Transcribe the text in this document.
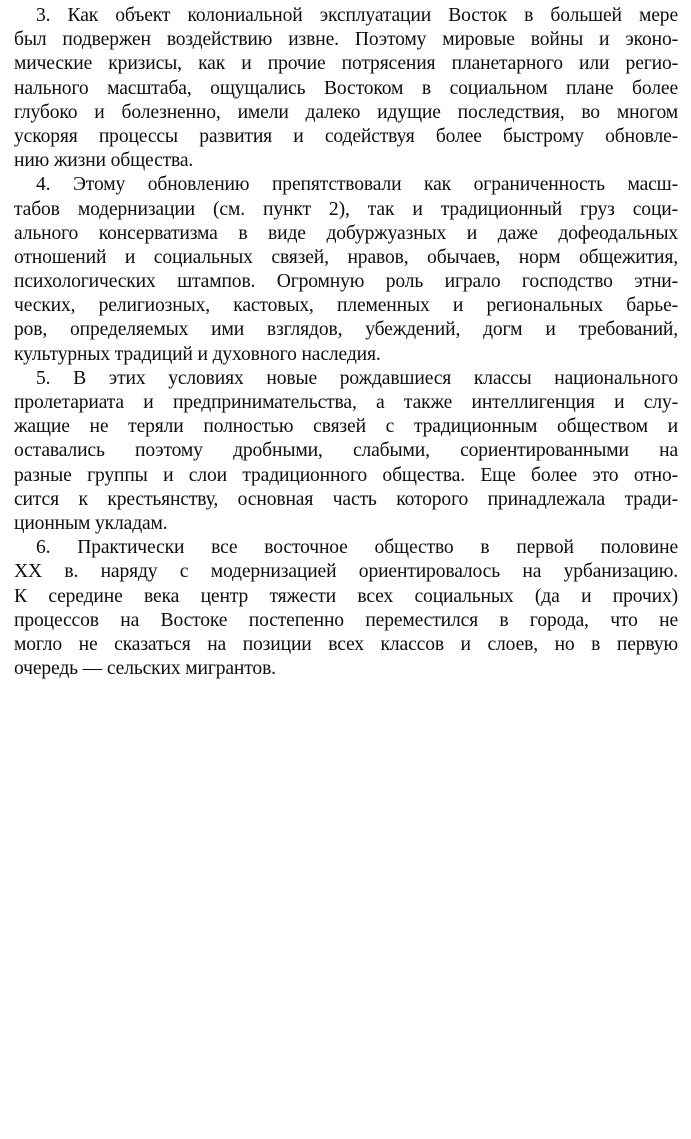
3. Как объект колониальной эксплуатации Восток в большей мере
был подвержен воздействию извне. Поэтому мировые войны и эконо-
мические кризисы, как и прочие потрясения планетарного или регио-
нального масштаба, ощущались Востоком в социальном плане более
глубоко и болезненно, имели далеко идущие последствия, во многом
ускоряя процессы развития и содействуя более быстрому обновле-
нию жизни общества.
4. Этому обновлению препятствовали как ограниченность масш-
табов модернизации (см. пункт 2), так и традиционный груз соци-
ального консерватизма в виде добуржуазных и даже дофеодальных
отношений и социальных связей, нравов, обычаев, норм общежития,
психологических штампов. Огромную роль играло господство этни-
ческих, религиозных, кастовых, племенных и региональных барье-
ров, определяемых ими взглядов, убеждений, догм и требований,
культурных традиций и духовного наследия.
5. В этих условиях новые рождавшиеся классы национального
пролетариата и предпринимательства, а также интеллигенция и слу-
жащие не теряли полностью связей с традиционным обществом и
оставались поэтому дробными, слабыми, сориентированными на
разные группы и слои традиционного общества. Еще более это отно-
сится к крестьянству, основная часть которого принадлежала тради-
ционным укладам.
6. Практически все восточное общество в первой половине
XX в. наряду с модернизацией ориентировалось на урбанизацию.
К середине века центр тяжести всех социальных (да и прочих)
процессов на Востоке постепенно переместился в города, что не
могло не сказаться на позиции всех классов и слоев, но в первую
очередь — сельских мигрантов.
